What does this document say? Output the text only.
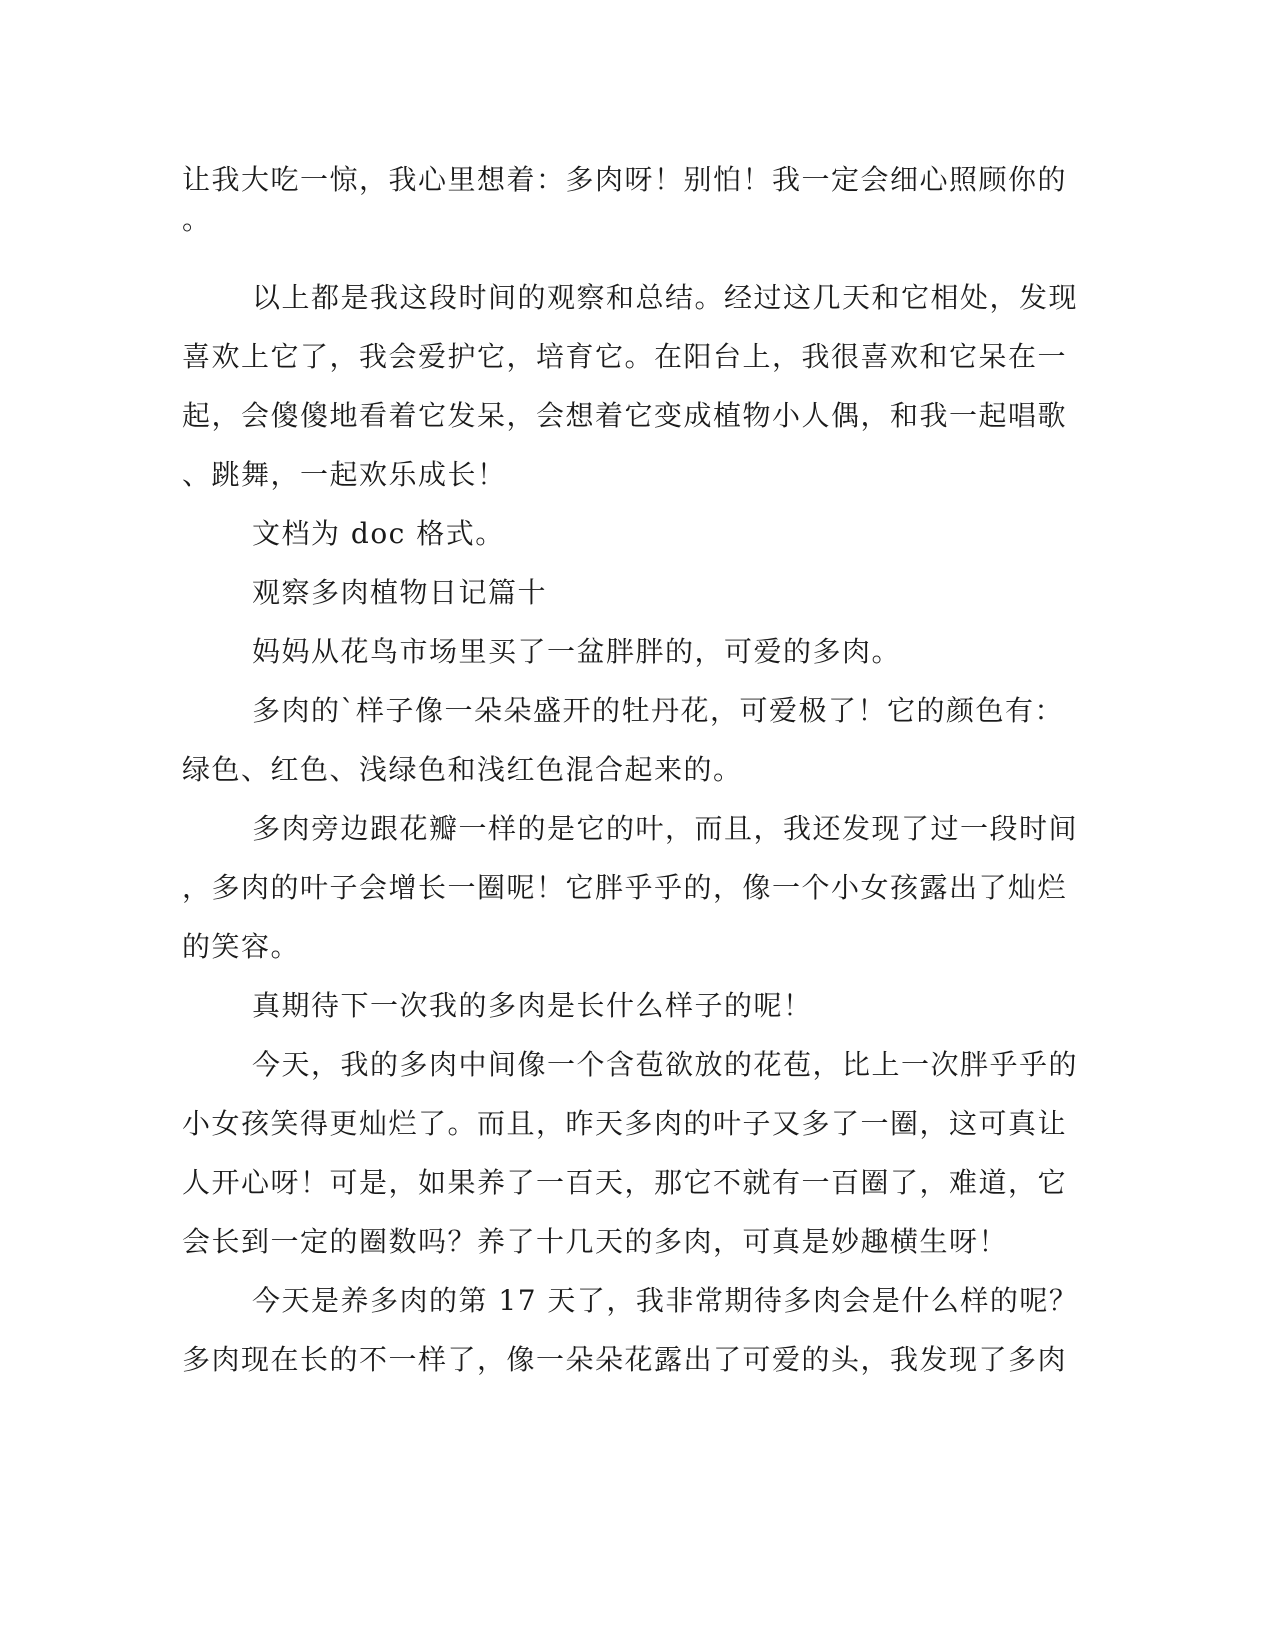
让我大吃一惊，我心里想着：多肉呀！别怕！我一定会细心照顾你的
。
以上都是我这段时间的观察和总结。经过这几天和它相处，发现
喜欢上它了，我会爱护它，培育它。在阳台上，我很喜欢和它呆在一
起，会傻傻地看着它发呆，会想着它变成植物小人偶，和我一起唱歌
、跳舞，一起欢乐成长！
文档为 doc 格式。
观察多肉植物日记篇十
妈妈从花鸟市场里买了一盆胖胖的，可爱的多肉。
多肉的`样子像一朵朵盛开的牡丹花，可爱极了！它的颜色有：
绿色、红色、浅绿色和浅红色混合起来的。
多肉旁边跟花瓣一样的是它的叶，而且，我还发现了过一段时间
，多肉的叶子会增长一圈呢！它胖乎乎的，像一个小女孩露出了灿烂
的笑容。
真期待下一次我的多肉是长什么样子的呢！
今天，我的多肉中间像一个含苞欲放的花苞，比上一次胖乎乎的
小女孩笑得更灿烂了。而且，昨天多肉的叶子又多了一圈，这可真让
人开心呀！可是，如果养了一百天，那它不就有一百圈了，难道，它
会长到一定的圈数吗？养了十几天的多肉，可真是妙趣横生呀！
今天是养多肉的第 17 天了，我非常期待多肉会是什么样的呢？
多肉现在长的不一样了，像一朵朵花露出了可爱的头，我发现了多肉
